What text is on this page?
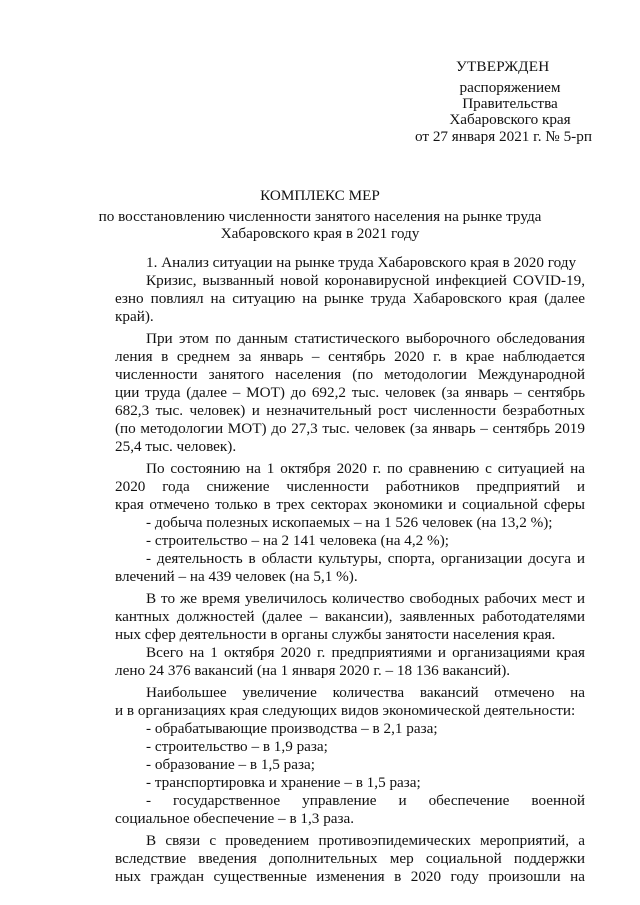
УТВЕРЖДЕН
распоряжением
Правительства
Хабаровского края
от 27 января 2021 г. № 5-рп
КОМПЛЕКС МЕР
по восстановлению численности занятого населения на рынке труда
Хабаровского края в 2021 году
1. Анализ ситуации на рынке труда Хабаровского края в 2020 году
Кризис, вызванный новой коронавирусной инфекцией COVID-19,
езно повлиял на ситуацию на рынке труда Хабаровского края (далее
край).
При этом по данным статистического выборочного обследования
ления в среднем за январь – сентябрь 2020 г. в крае наблюдается
численности занятого населения (по методологии Международной
ции труда (далее – МОТ) до 692,2 тыс. человек (за январь – сентябрь
682,3 тыс. человек) и незначительный рост численности безработных
(по методологии МОТ) до 27,3 тыс. человек (за январь – сентябрь 2019
25,4 тыс. человек).
По состоянию на 1 октября 2020 г. по сравнению с ситуацией на
2020 года снижение численности работников предприятий и
края отмечено только в трех секторах экономики и социальной сферы
- добыча полезных ископаемых – на 1 526 человек (на 13,2 %);
- строительство – на 2 141 человека (на 4,2 %);
- деятельность в области культуры, спорта, организации досуга и
влечений – на 439 человек (на 5,1 %).
В то же время увеличилось количество свободных рабочих мест и
кантных должностей (далее – вакансии), заявленных работодателями
ных сфер деятельности в органы службы занятости населения края.
Всего на 1 октября 2020 г. предприятиями и организациями края
лено 24 376 вакансий (на 1 января 2020 г. – 18 136 вакансий).
Наибольшее увеличение количества вакансий отмечено на
и в организациях края следующих видов экономической деятельности:
- обрабатывающие производства – в 2,1 раза;
- строительство – в 1,9 раза;
- образование – в 1,5 раза;
- транспортировка и хранение – в 1,5 раза;
- государственное управление и обеспечение военной
социальное обеспечение – в 1,3 раза.
В связи с проведением противоэпидемических мероприятий, а
вследствие введения дополнительных мер социальной поддержки
ных граждан существенные изменения в 2020 году произошли на
